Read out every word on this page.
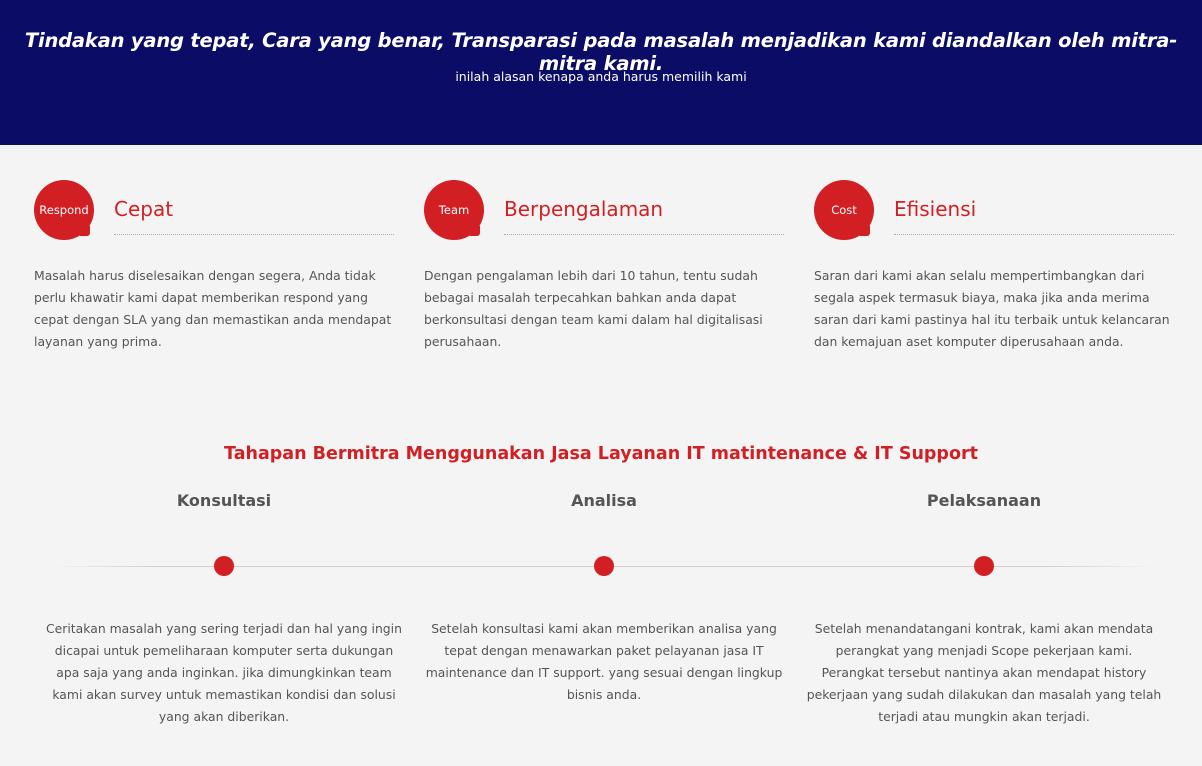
Tindakan yang tepat, Cara yang benar, Transparasi pada masalah menjadikan kami diandalkan oleh mitra-mitra kami.

inilah alasan kenapa anda harus memilih kami

Respond Cepat

Masalah harus diselesaikan dengan segera, Anda tidak perlu khawatir kami dapat memberikan respond yang cepat dengan SLA yang dan memastikan anda mendapat layanan yang prima.

Team	Berpengalaman

Dengan pengalaman lebih dari 10 tahun, tentu sudah bebagai masalah terpecahkan bahkan anda dapat berkonsultasi dengan team kami dalam hal digitalisasi perusahaan.

Cost	Efisiensi

Saran dari kami akan selalu mempertimbangkan dari segala aspek termasuk biaya, maka jika anda merima saran dari kami pastinya hal itu terbaik untuk kelancaran dan kemajuan aset komputer diperusahaan anda.

Tahapan Bermitra Menggunakan Jasa Layanan IT matintenance & IT Support
Konsultasi	Analisa	Pelaksanaan

Ceritakan masalah yang sering terjadi dan hal yang ingin dicapai untuk pemeliharaan komputer serta dukungan apa saja yang anda inginkan. jika dimungkinkan team kami akan survey untuk memastikan kondisi dan solusi yang akan diberikan.

Setelah konsultasi kami akan memberikan analisa yang tepat dengan menawarkan paket pelayanan jasa IT maintenance dan IT support. yang sesuai dengan lingkup bisnis anda.

Setelah menandatangani kontrak, kami akan mendata perangkat yang menjadi Scope pekerjaan kami. Perangkat tersebut nantinya akan mendapat history pekerjaan yang sudah dilakukan dan masalah yang telah terjadi atau mungkin akan terjadi.
